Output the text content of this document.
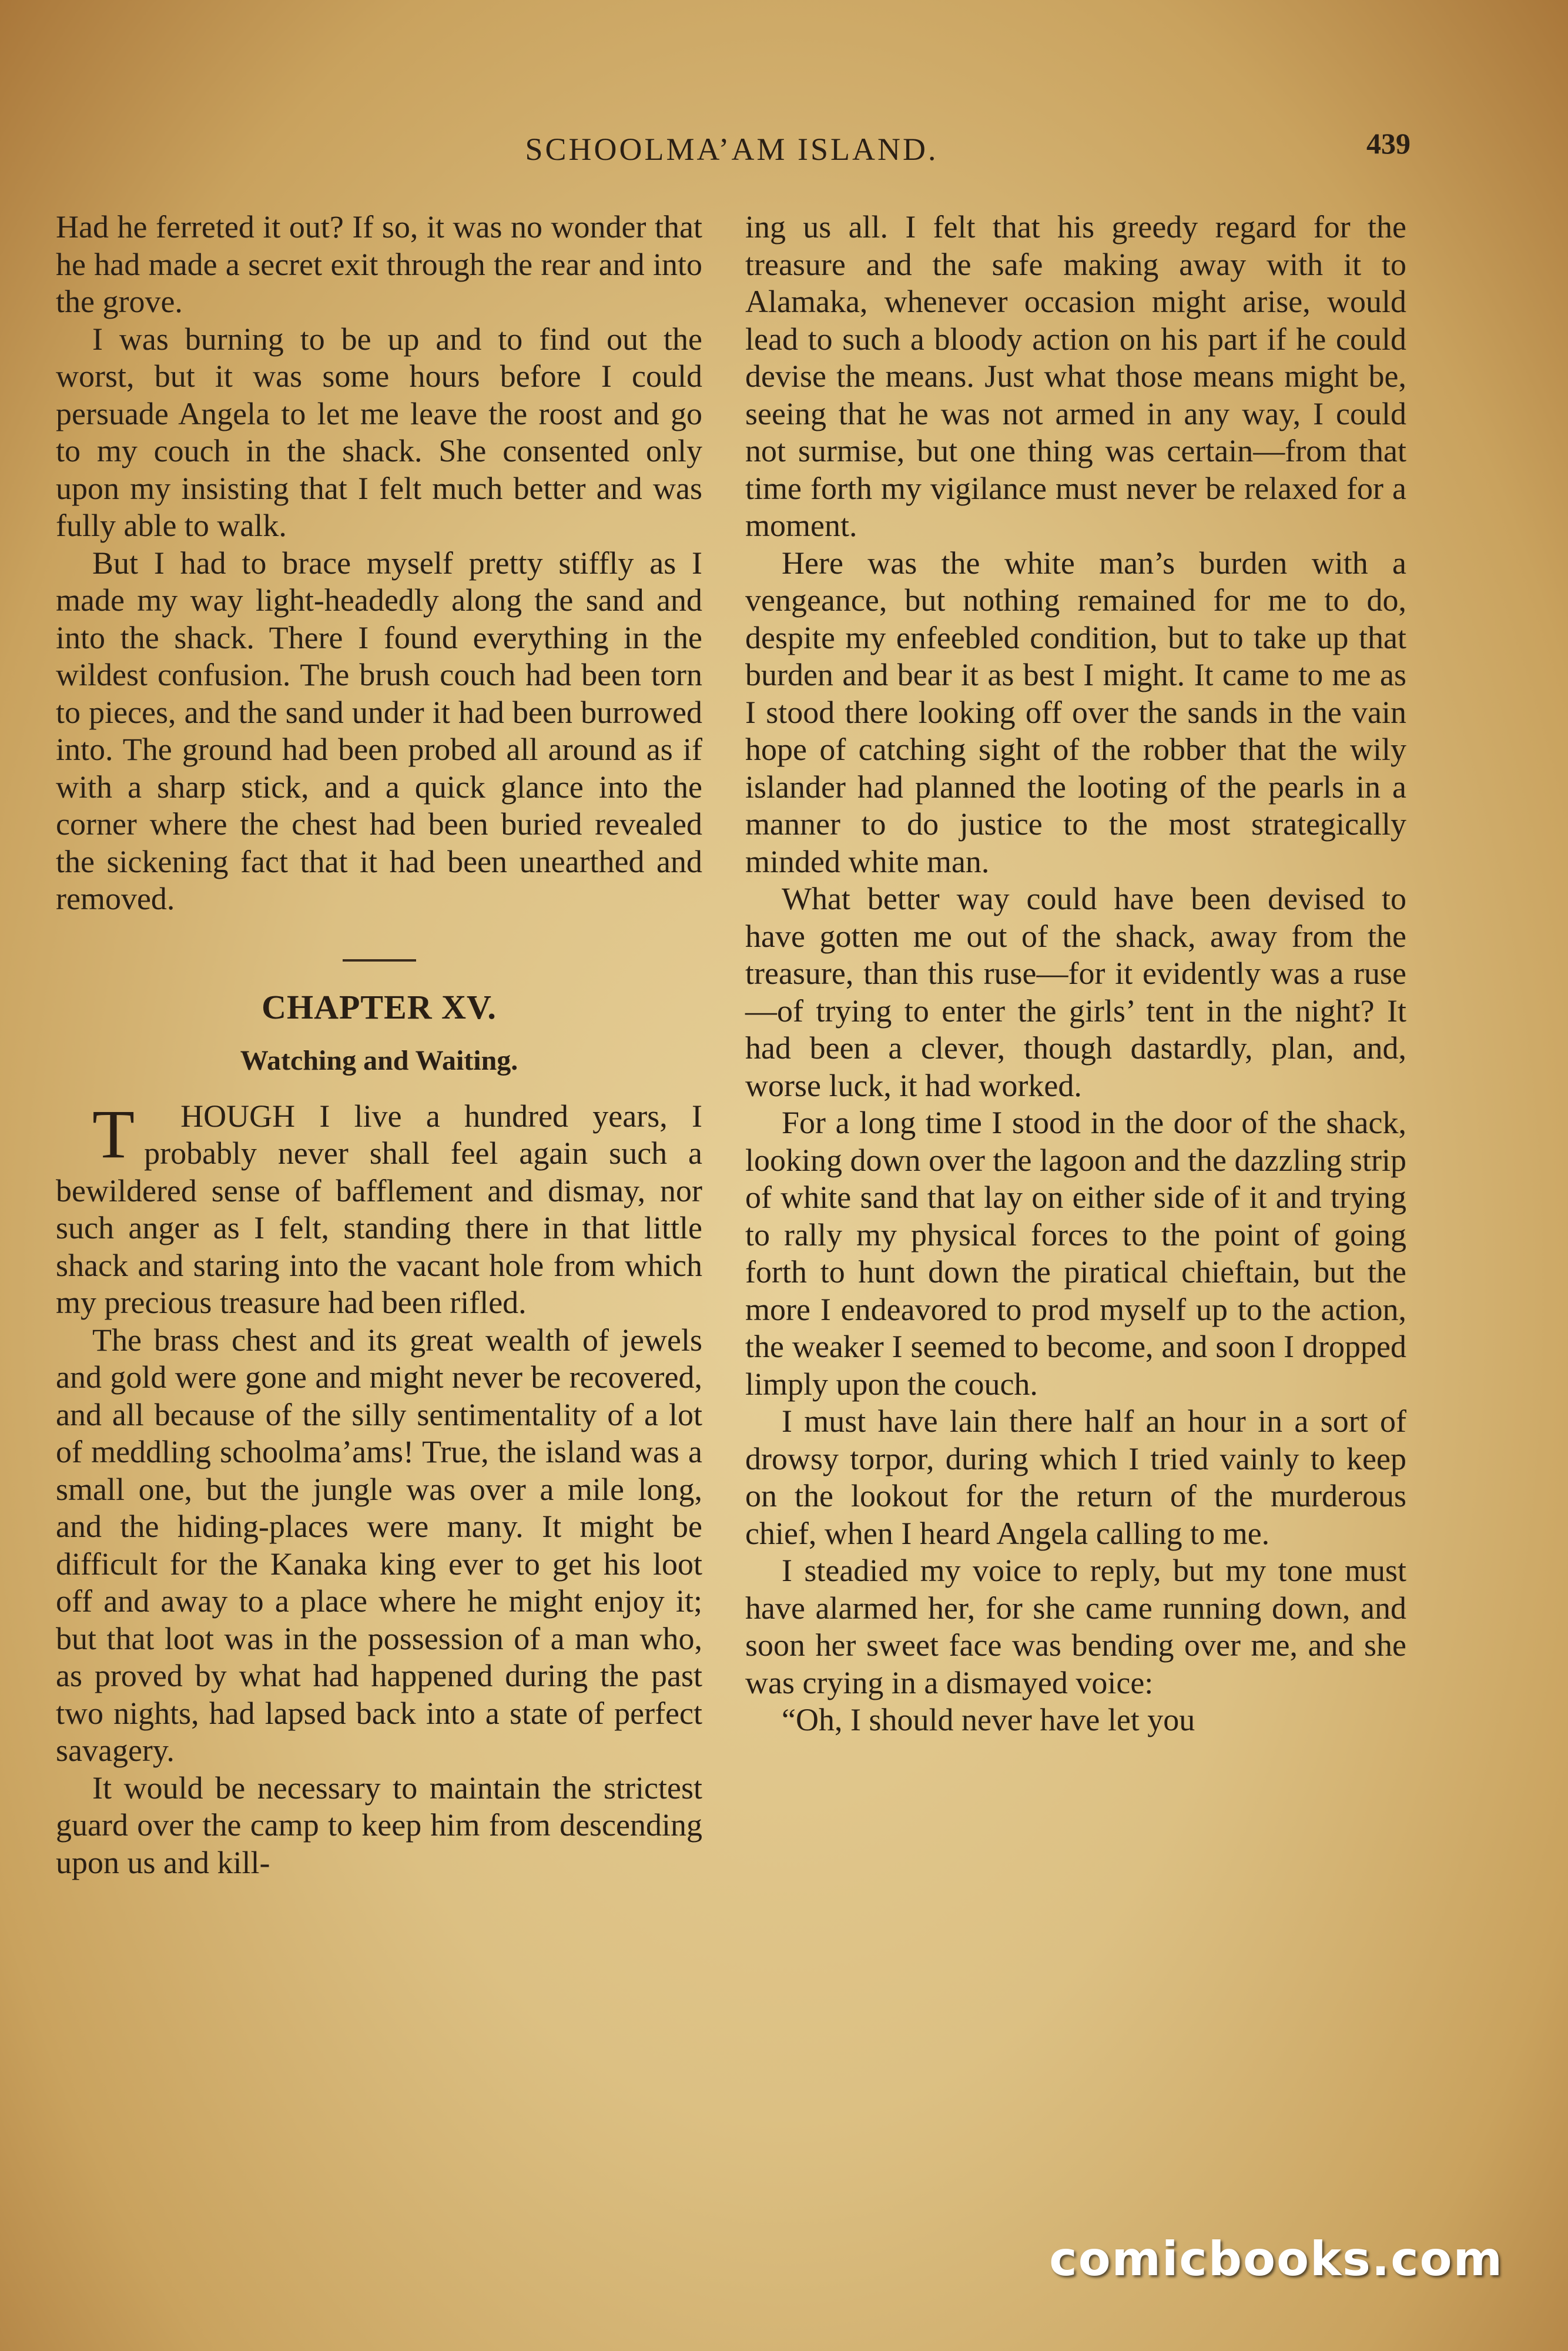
SCHOOLMA’AM ISLAND.	439

Had he ferreted it out? If so, it was no wonder that he had made a secret exit through the rear and into the grove.

I was burning to be up and to find out the worst, but it was some hours before I could persuade Angela to let me leave the roost and go to my couch in the shack. She consented only upon my insisting that I felt much better and was fully able to walk.

But I had to brace myself pretty stiffly as I made my way light-headedly along the sand and into the shack. There I found everything in the wildest confusion. The brush couch had been torn to pieces, and the sand under it had been burrowed into. The ground had been probed all around as if with a sharp stick, and a quick glance into the corner where the chest had been buried revealed the sickening fact that it had been unearthed and removed.

CHAPTER XV.
Watching and Waiting.

T HOUGH I live a hundred years, I probably never shall feel again such a bewildered sense of bafflement and dismay, nor such anger as I felt, standing there in that little shack and staring into the vacant hole from which my precious treasure had been rifled.

The brass chest and its great wealth of jewels and gold were gone and might never be recovered, and all because of the silly sentimentality of a lot of meddling schoolma’ams! True, the island was a small one, but the jungle was over a mile long, and the hiding-places were many. It might be difficult for the Kanaka king ever to get his loot off and away to a place where he might enjoy it; but that loot was in the possession of a man who, as proved by what had happened during the past two nights, had lapsed back into a state of perfect savagery.

It would be necessary to maintain the strictest guard over the camp to keep him from descending upon us and kill-

ing us all. I felt that his greedy regard for the treasure and the safe making away with it to Alamaka, whenever occasion might arise, would lead to such a bloody action on his part if he could devise the means. Just what those means might be, seeing that he was not armed in any way, I could not surmise, but one thing was certain—from that time forth my vigilance must never be relaxed for a moment.

Here was the white man’s burden with a vengeance, but nothing remained for me to do, despite my enfeebled condition, but to take up that burden and bear it as best I might. It came to me as I stood there looking off over the sands in the vain hope of catching sight of the robber that the wily islander had planned the looting of the pearls in a manner to do justice to the most strategically minded white man.

What better way could have been devised to have gotten me out of the shack, away from the treasure, than this ruse—for it evidently was a ruse—of trying to enter the girls’ tent in the night? It had been a clever, though dastardly, plan, and, worse luck, it had worked.

For a long time I stood in the door of the shack, looking down over the lagoon and the dazzling strip of white sand that lay on either side of it and trying to rally my physical forces to the point of going forth to hunt down the piratical chieftain, but the more I endeavored to prod myself up to the action, the weaker I seemed to become, and soon I dropped limply upon the couch.

I must have lain there half an hour in a sort of drowsy torpor, during which I tried vainly to keep on the lookout for the return of the murderous chief, when I heard Angela calling to me.

I steadied my voice to reply, but my tone must have alarmed her, for she came running down, and soon her sweet face was bending over me, and she was crying in a dismayed voice:

“Oh, I should never have let you

comicbooks.com
